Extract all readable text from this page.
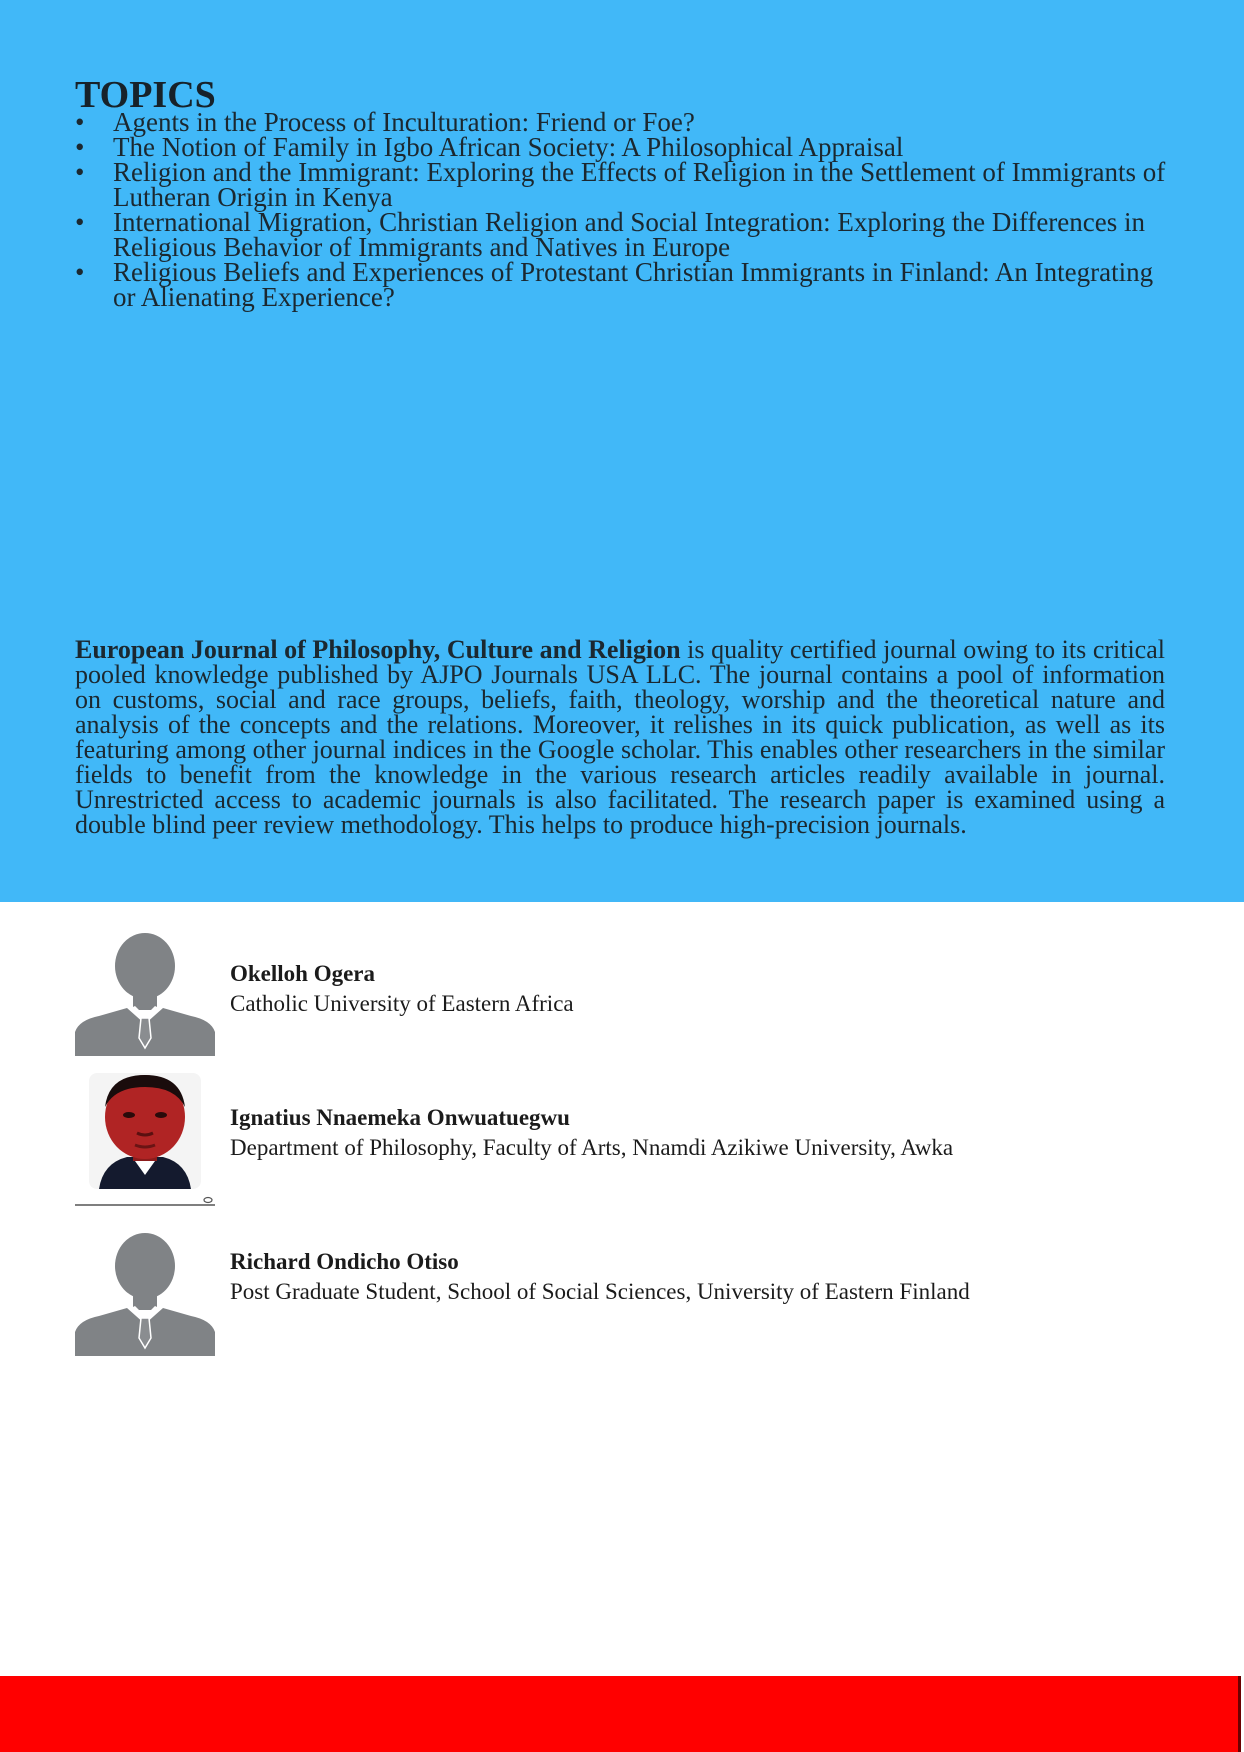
TOPICS
• Agents in the Process of Inculturation: Friend or Foe?
• The Notion of Family in Igbo African Society: A Philosophical Appraisal
• Religion and the Immigrant: Exploring the Effects of Religion in the Settlement of Immigrants of Lutheran Origin in Kenya
• International Migration, Christian Religion and Social Integration: Exploring the Differences in Religious Behavior of Immigrants and Natives in Europe
• Religious Beliefs and Experiences of Protestant Christian Immigrants in Finland: An Integrating or Alienating Experience?

European Journal of Philosophy, Culture and Religion is quality certified journal owing to its critical pooled knowledge published by AJPO Journals USA LLC. The journal contains a pool of information on customs, social and race groups, beliefs, faith, theology, worship and the theoretical nature and analysis of the concepts and the relations. Moreover, it relishes in its quick publication, as well as its featuring among other journal indices in the Google scholar. This enables other researchers in the similar fields to benefit from the knowledge in the various research articles readily available in journal. Unrestricted access to academic journals is also facilitated. The research paper is examined using a double blind peer review methodology. This helps to produce high-precision journals.

Okelloh Ogera
Catholic University of Eastern Africa
Ignatius Nnaemeka Onwuatuegwu
Department of Philosophy, Faculty of Arts, Nnamdi Azikiwe University, Awka
Richard Ondicho Otiso
Post Graduate Student, School of Social Sciences, University of Eastern Finland
